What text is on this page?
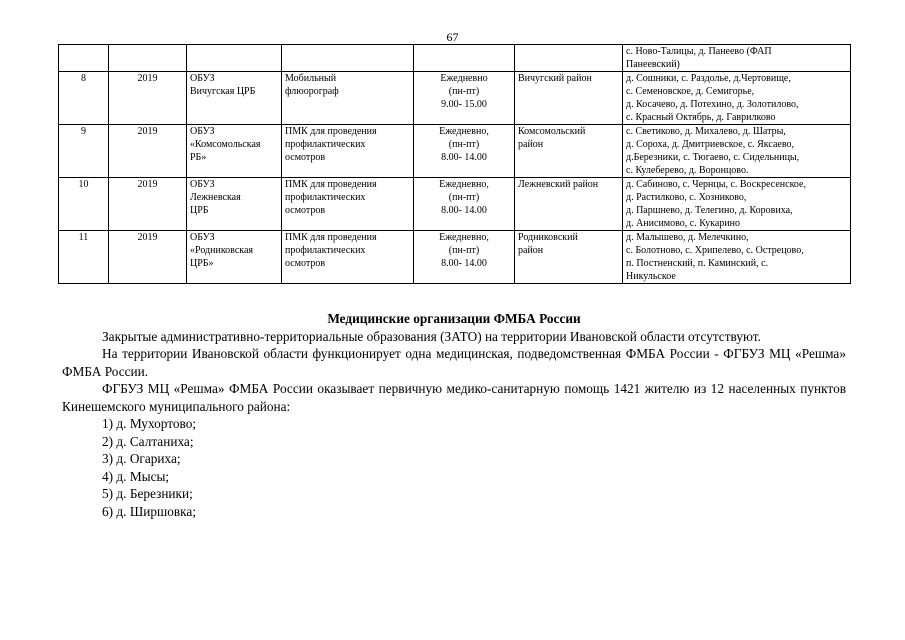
67

						с. Ново-Талицы, д. Панеево (ФАП
Панеевский)

8	2019	ОБУЗ
Вичугская ЦРБ	Мобильный
флюорограф	Ежедневно
(пн-пт)
9.00- 15.00	Вичугский район	д. Сошники, с. Раздолье, д.Чертовище,
с. Семеновское, д. Семигорье,
д. Косачево, д. Потехино, д. Золотилово,
с. Красный Октябрь, д. Гаврилково

9	2019	ОБУЗ
«Комсомольская
РБ»	ПМК для проведения
профилактических
осмотров	Ежедневно,
(пн-пт)
8.00- 14.00	Комсомольский
район	с. Светиково, д. Михалево, д. Шатры,
д. Сороха, д. Дмитриевское, с. Яксаево,
д.Березники, с. Тюгаево, с. Сидельницы,
с. Кулеберево, д. Воронцово.

10	2019	ОБУЗ
Лежневская
ЦРБ	ПМК для проведения
профилактических
осмотров	Ежедневно,
(пн-пт)
8.00- 14.00	Лежневский район	д. Сабиново, с. Чернцы, с. Воскресенское,
д. Растилково, с. Хозниково,
д. Паршнево, д. Телегино, д. Коровиха,
д. Анисимово, с. Кукарино

11	2019	ОБУЗ
«Родниковская
ЦРБ»	ПМК для проведения
профилактических
осмотров	Ежедневно,
(пн-пт)
8.00- 14.00	Родниковский
район	д. Малышево, д. Мелечкино,
с. Болотново, с. Хрипелево, с. Острецово,
п. Постненский, п. Каминский, с.
Никульское

Медицинские организации ФМБА России

Закрытые административно-территориальные образования (ЗАТО) на территории Ивановской области отсутствуют.

На территории Ивановской области функционирует одна медицинская, подведомственная ФМБА России - ФГБУЗ МЦ «Решма» ФМБА России.

ФГБУЗ МЦ «Решма» ФМБА России оказывает первичную медико-санитарную помощь 1421 жителю из 12 населенных пунктов Кинешемского муниципального района:

1) д. Мухортово;

2) д. Салтаниха;

3) д. Огариха;

4) д. Мысы;

5) д. Березники;

6) д. Ширшовка;
